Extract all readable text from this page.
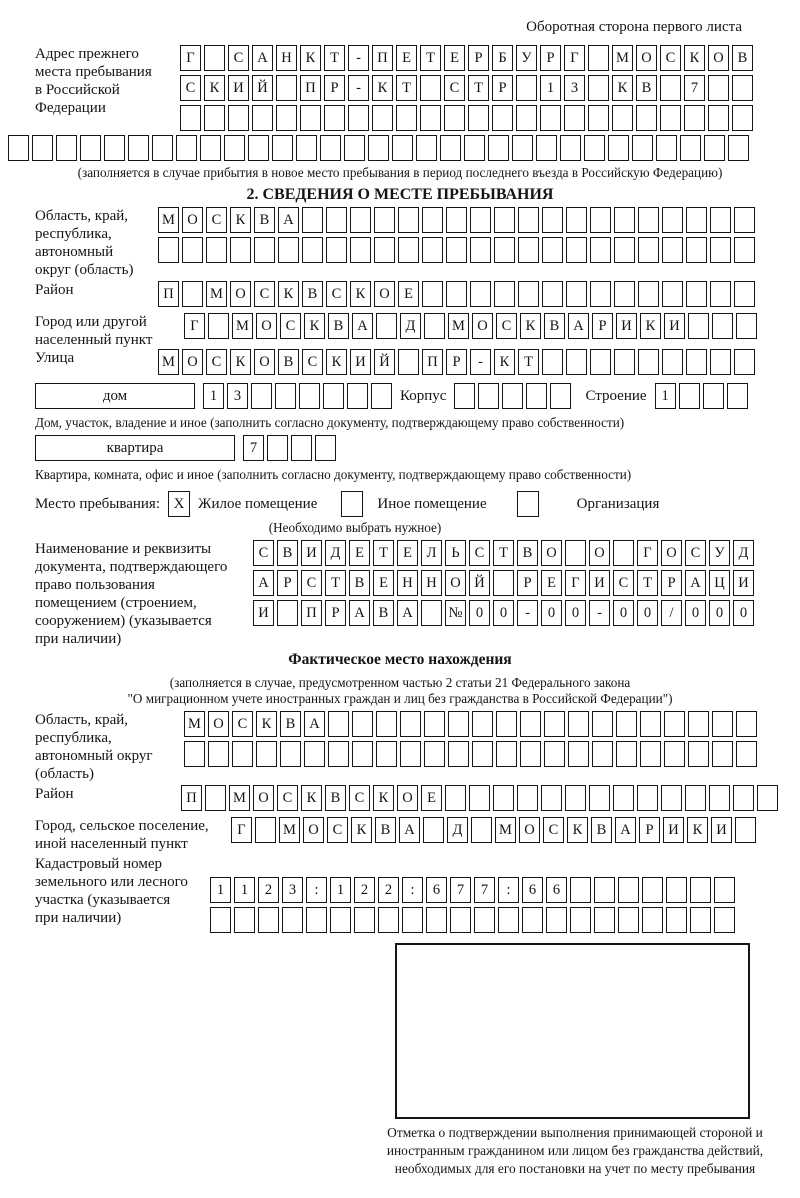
Оборотная сторона первого листа
Адрес прежнего
места пребывания
в Российской
Федерации
Г	С А Н К	Т	-	П Е	Т	Е	Р	Б	У	Р	Г	М О С К О В
С К И Й	П	Р	-	К	Т	С	Т	Р	1	3	К В	7
(заполняется в случае прибытия в новое место пребывания в период последнего въезда в Российскую Федерацию)
2. СВЕДЕНИЯ О МЕСТЕ ПРЕБЫВАНИЯ
Область, край,
республика,
автономный
округ (область)
М О С К В А
Район	П	М О С К В С К О Е
Город или другой
населенный пункт
Г	М О С К В А	Д	М О С К В А	Р	И К И
Улица	М О С К О В С К И Й	П	Р	-	К	Т
дом	1	3	Корпус	Строение	1
Дом, участок, владение и иное (заполнить согласно документу, подтверждающему право собственности)
квартира	7
Квартира, комната, офис и иное (заполнить согласно документу, подтверждающему право собственности)
Место пребывания: X Жилое помещение	Иное помещение	Организация
(Необходимо выбрать нужное)
Наименование и реквизиты
документа, подтверждающего
право пользования
помещением (строением,
сооружением) (указывается
при наличии)
С В И Д	Е	Т	Е	Л	Ь	С	Т	В О	О	Г	О С У Д
А	Р	С	Т	В	Е Н Н О Й	Р	Е	Г	И С	Т	Р	А Ц И
И	П	Р	А В А	№ 0	0	-	0	0	-	0	0	/	0	0	0
Фактическое место нахождения
(заполняется в случае, предусмотренном частью 2 статьи 21 Федерального закона
"О миграционном учете иностранных граждан и лиц без гражданства в Российской Федерации")
Область, край,
республика,
автономный округ
(область)
М О С К В А
Район	П	М О С К В С К О Е
Город, сельское поселение,
иной населенный пункт
Г	М О С К В А	Д	М О С К В А	Р	И К И
Кадастровый номер
земельного или лесного
участка (указывается
при наличии)
1	1	2	3	:	1	2	2	:	6	7	7	:	6	6
Отметка о подтверждении выполнения принимающей стороной и иностранным гражданином или лицом без гражданства действий, необходимых для его постановки на учет по месту пребывания
